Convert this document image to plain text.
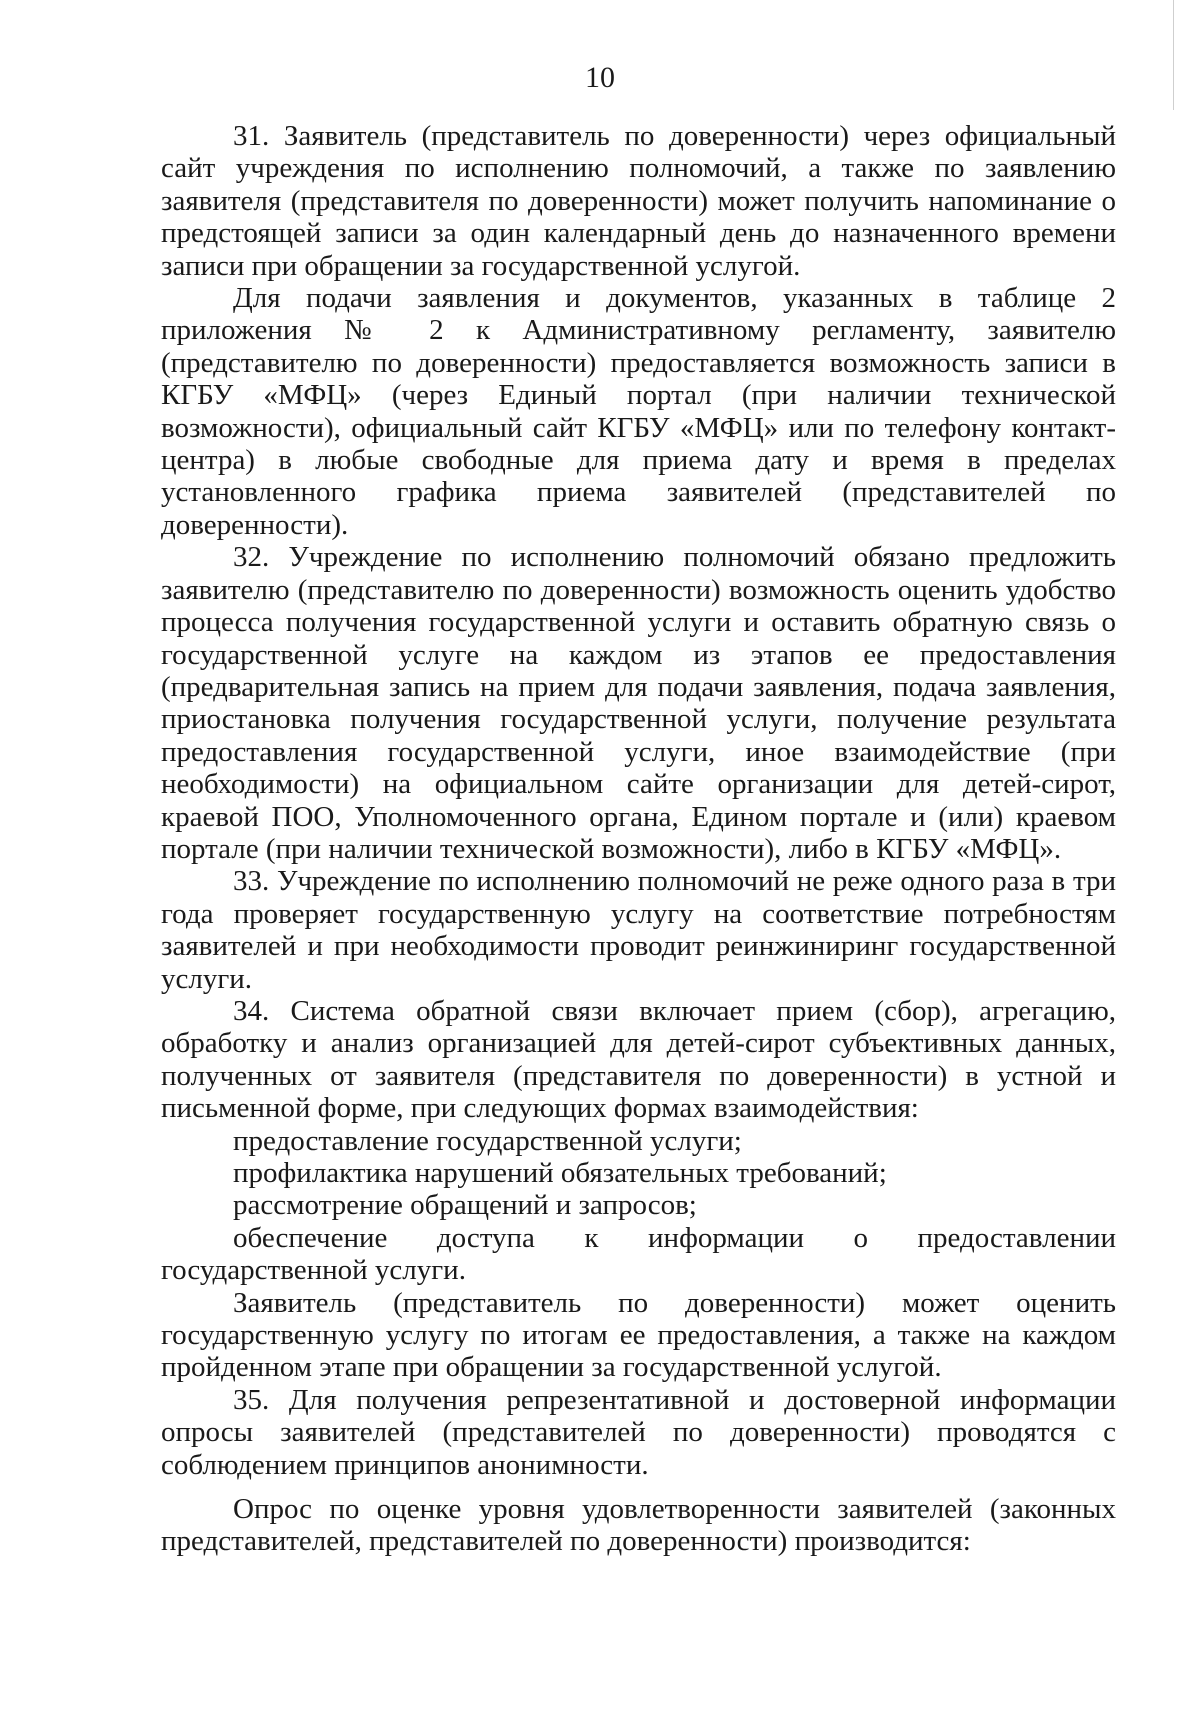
10

31. Заявитель (представитель по доверенности) через официальный сайт учреждения по исполнению полномочий, а также по заявлению заявителя (представителя по доверенности) может получить напоминание о предстоящей записи за один календарный день до назначенного времени записи при обращении за государственной услугой.

Для подачи заявления и документов, указанных в таблице 2 приложения № 2 к Административному регламенту, заявителю (представителю по доверенности) предоставляется возможность записи в КГБУ «МФЦ» (через Единый портал (при наличии технической возможности), официальный сайт КГБУ «МФЦ» или по телефону контакт-центра) в любые свободные для приема дату и время в пределах установленного графика приема заявителей (представителей по доверенности).

32. Учреждение по исполнению полномочий обязано предложить заявителю (представителю по доверенности) возможность оценить удобство процесса получения государственной услуги и оставить обратную связь о государственной услуге на каждом из этапов ее предоставления (предварительная запись на прием для подачи заявления, подача заявления, приостановка получения государственной услуги, получение результата предоставления государственной услуги, иное взаимодействие (при необходимости) на официальном сайте организации для детей-сирот, краевой ПОО, Уполномоченного органа, Едином портале и (или) краевом портале (при наличии технической возможности), либо в КГБУ «МФЦ».

33. Учреждение по исполнению полномочий не реже одного раза в три года проверяет государственную услугу на соответствие потребностям заявителей и при необходимости проводит реинжиниринг государственной услуги.

34. Система обратной связи включает прием (сбор), агрегацию, обработку и анализ организацией для детей-сирот субъективных данных, полученных от заявителя (представителя по доверенности) в устной и письменной форме, при следующих формах взаимодействия:

предоставление государственной услуги;

профилактика нарушений обязательных требований;

рассмотрение обращений и запросов;

обеспечение доступа к информации о предоставлении государственной услуги.

Заявитель (представитель по доверенности) может оценить государственную услугу по итогам ее предоставления, а также на каждом пройденном этапе при обращении за государственной услугой.

35. Для получения репрезентативной и достоверной информации опросы заявителей (представителей по доверенности) проводятся с соблюдением принципов анонимности.

Опрос по оценке уровня удовлетворенности заявителей (законных представителей, представителей по доверенности) производится:
